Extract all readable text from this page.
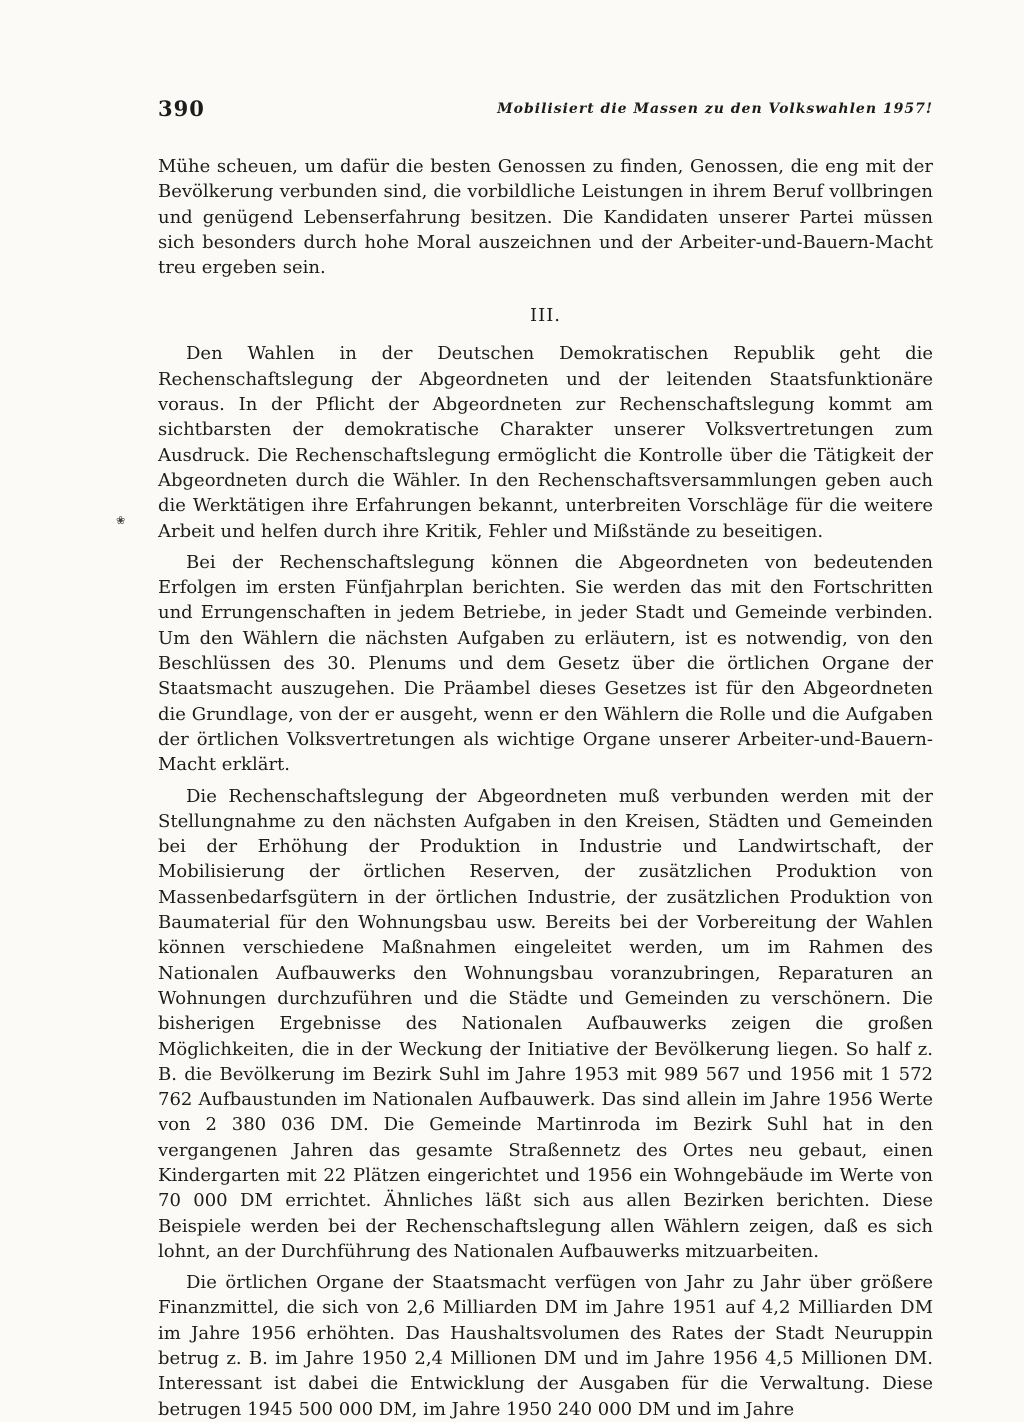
390	Mobilisiert die Massen zu den Volkswahlen 1957!

Mühe scheuen, um dafür die besten Genossen zu finden, Genossen, die eng mit der Bevölkerung verbunden sind, die vorbildliche Leistungen in ihrem Beruf vollbringen und genügend Lebenserfahrung besitzen. Die Kandidaten unserer Partei müssen sich besonders durch hohe Moral auszeichnen und der Arbeiter-und-Bauern-Macht treu ergeben sein.

III.

Den Wahlen in der Deutschen Demokratischen Republik geht die Rechenschaftslegung der Abgeordneten und der leitenden Staatsfunktionäre voraus. In der Pflicht der Abgeordneten zur Rechenschaftslegung kommt am sichtbarsten der demokratische Charakter unserer Volksvertretungen zum Ausdruck. Die Rechenschaftslegung ermöglicht die Kontrolle über die Tätigkeit der Abgeordneten durch die Wähler. In den Rechenschaftsversammlungen geben auch die Werktätigen ihre Erfahrungen bekannt, unterbreiten Vorschläge für die weitere Arbeit und helfen durch ihre Kritik, Fehler und Mißstände zu beseitigen.

Bei der Rechenschaftslegung können die Abgeordneten von bedeutenden Erfolgen im ersten Fünfjahrplan berichten. Sie werden das mit den Fortschritten und Errungenschaften in jedem Betriebe, in jeder Stadt und Gemeinde verbinden. Um den Wählern die nächsten Aufgaben zu erläutern, ist es notwendig, von den Beschlüssen des 30. Plenums und dem Gesetz über die örtlichen Organe der Staatsmacht auszugehen. Die Präambel dieses Gesetzes ist für den Abgeordneten die Grundlage, von der er ausgeht, wenn er den Wählern die Rolle und die Aufgaben der örtlichen Volksvertretungen als wichtige Organe unserer Arbeiter-und-Bauern-Macht erklärt.

Die Rechenschaftslegung der Abgeordneten muß verbunden werden mit der Stellungnahme zu den nächsten Aufgaben in den Kreisen, Städten und Gemeinden bei der Erhöhung der Produktion in Industrie und Landwirtschaft, der Mobilisierung der örtlichen Reserven, der zusätzlichen Produktion von Massenbedarfsgütern in der örtlichen Industrie, der zusätzlichen Produktion von Baumaterial für den Wohnungsbau usw. Bereits bei der Vorbereitung der Wahlen können verschiedene Maßnahmen eingeleitet werden, um im Rahmen des Nationalen Aufbauwerks den Wohnungsbau voranzubringen, Reparaturen an Wohnungen durchzuführen und die Städte und Gemeinden zu verschönern. Die bisherigen Ergebnisse des Nationalen Aufbauwerks zeigen die großen Möglichkeiten, die in der Weckung der Initiative der Bevölkerung liegen. So half z. B. die Bevölkerung im Bezirk Suhl im Jahre 1953 mit 989 567 und 1956 mit 1 572 762 Aufbaustunden im Nationalen Aufbauwerk. Das sind allein im Jahre 1956 Werte von 2 380 036 DM. Die Gemeinde Martinroda im Bezirk Suhl hat in den vergangenen Jahren das gesamte Straßennetz des Ortes neu gebaut, einen Kindergarten mit 22 Plätzen eingerichtet und 1956 ein Wohngebäude im Werte von 70 000 DM errichtet. Ähnliches läßt sich aus allen Bezirken berichten. Diese Beispiele werden bei der Rechenschaftslegung allen Wählern zeigen, daß es sich lohnt, an der Durchführung des Nationalen Aufbauwerks mitzuarbeiten.

Die örtlichen Organe der Staatsmacht verfügen von Jahr zu Jahr über größere Finanzmittel, die sich von 2,6 Milliarden DM im Jahre 1951 auf 4,2 Milliarden DM im Jahre 1956 erhöhten. Das Haushaltsvolumen des Rates der Stadt Neuruppin betrug z. B. im Jahre 1950 2,4 Millionen DM und im Jahre 1956 4,5 Millionen DM. Interessant ist dabei die Entwicklung der Ausgaben für die Verwaltung. Diese betrugen 1945 500 000 DM, im Jahre 1950 240 000 DM und im Jahre

❀
